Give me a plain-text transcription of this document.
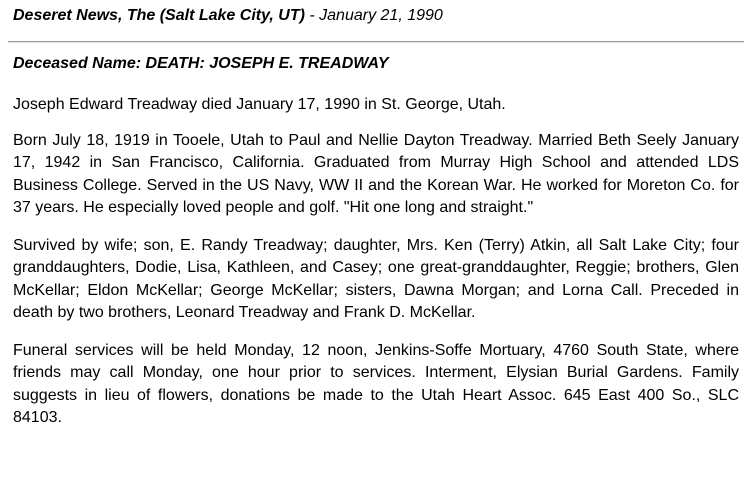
Deseret News, The (Salt Lake City, UT) - January 21, 1990
Deceased Name: DEATH: JOSEPH E. TREADWAY

Joseph Edward Treadway died January 17, 1990 in St. George, Utah.

Born July 18, 1919 in Tooele, Utah to Paul and Nellie Dayton Treadway. Married Beth Seely January 17, 1942 in San Francisco, California. Graduated from Murray High School and attended LDS Business College. Served in the US Navy, WW II and the Korean War. He worked for Moreton Co. for 37 years. He especially loved people and golf. "Hit one long and straight."

Survived by wife; son, E. Randy Treadway; daughter, Mrs. Ken (Terry) Atkin, all Salt Lake City; four granddaughters, Dodie, Lisa, Kathleen, and Casey; one great-granddaughter, Reggie; brothers, Glen McKellar; Eldon McKellar; George McKellar; sisters, Dawna Morgan; and Lorna Call. Preceded in death by two brothers, Leonard Treadway and Frank D. McKellar.

Funeral services will be held Monday, 12 noon, Jenkins-Soffe Mortuary, 4760 South State, where friends may call Monday, one hour prior to services. Interment, Elysian Burial Gardens. Family suggests in lieu of flowers, donations be made to the Utah Heart Assoc. 645 East 400 So., SLC 84103.
